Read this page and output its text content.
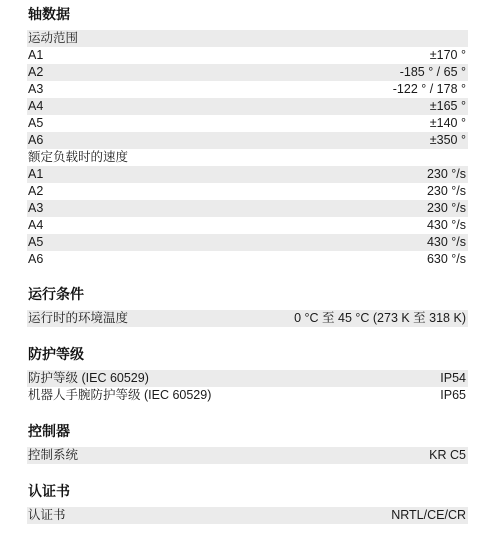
轴数据
运动范围
A1	±170 °
A2	-185 ° / 65 °
A3	-122 ° / 178 °
A4	±165 °
A5	±140 °
A6	±350 °
额定负载时的速度
A1	230 °/s
A2	230 °/s
A3	230 °/s
A4	430 °/s
A5	430 °/s
A6	630 °/s
运行条件
运行时的环境温度	0 °C 至 45 °C (273 K 至 318 K)
防护等级
防护等级 (IEC 60529)	IP54
机器人手腕防护等级 (IEC 60529)	IP65
控制器
控制系统	KR C5
认证书
认证书	NRTL/CE/CR
